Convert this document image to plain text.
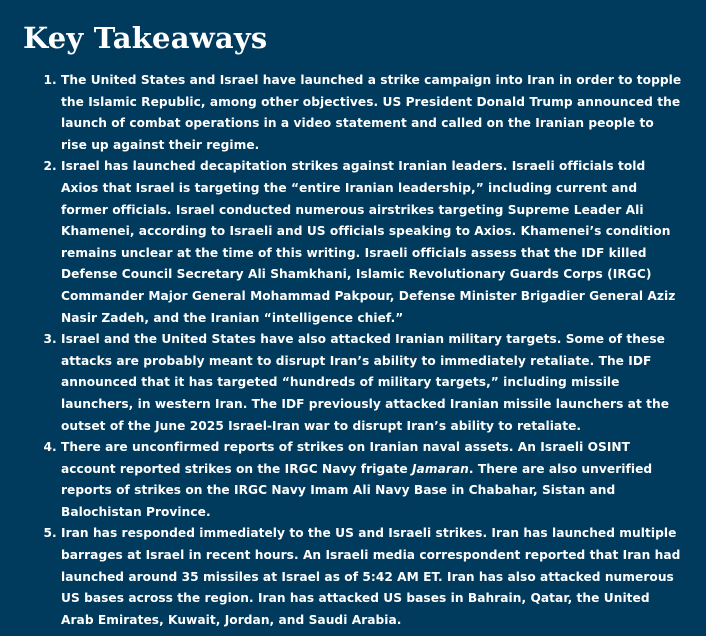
Key Takeaways
1. The United States and Israel have launched a strike campaign into Iran in order to topple the Islamic Republic, among other objectives. US President Donald Trump announced the launch of combat operations in a video statement and called on the Iranian people to rise up against their regime.
2. Israel has launched decapitation strikes against Iranian leaders. Israeli officials told Axios that Israel is targeting the “entire Iranian leadership,” including current and former officials. Israel conducted numerous airstrikes targeting Supreme Leader Ali Khamenei, according to Israeli and US officials speaking to Axios. Khamenei’s condition remains unclear at the time of this writing. Israeli officials assess that the IDF killed Defense Council Secretary Ali Shamkhani, Islamic Revolutionary Guards Corps (IRGC) Commander Major General Mohammad Pakpour, Defense Minister Brigadier General Aziz Nasir Zadeh, and the Iranian “intelligence chief.”
3. Israel and the United States have also attacked Iranian military targets. Some of these attacks are probably meant to disrupt Iran’s ability to immediately retaliate. The IDF announced that it has targeted “hundreds of military targets,” including missile launchers, in western Iran. The IDF previously attacked Iranian missile launchers at the outset of the June 2025 Israel-Iran war to disrupt Iran’s ability to retaliate.
4. There are unconfirmed reports of strikes on Iranian naval assets. An Israeli OSINT account reported strikes on the IRGC Navy frigate Jamaran. There are also unverified reports of strikes on the IRGC Navy Imam Ali Navy Base in Chabahar, Sistan and Balochistan Province.
5. Iran has responded immediately to the US and Israeli strikes. Iran has launched multiple barrages at Israel in recent hours. An Israeli media correspondent reported that Iran had launched around 35 missiles at Israel as of 5:42 AM ET. Iran has also attacked numerous US bases across the region. Iran has attacked US bases in Bahrain, Qatar, the United Arab Emirates, Kuwait, Jordan, and Saudi Arabia.
